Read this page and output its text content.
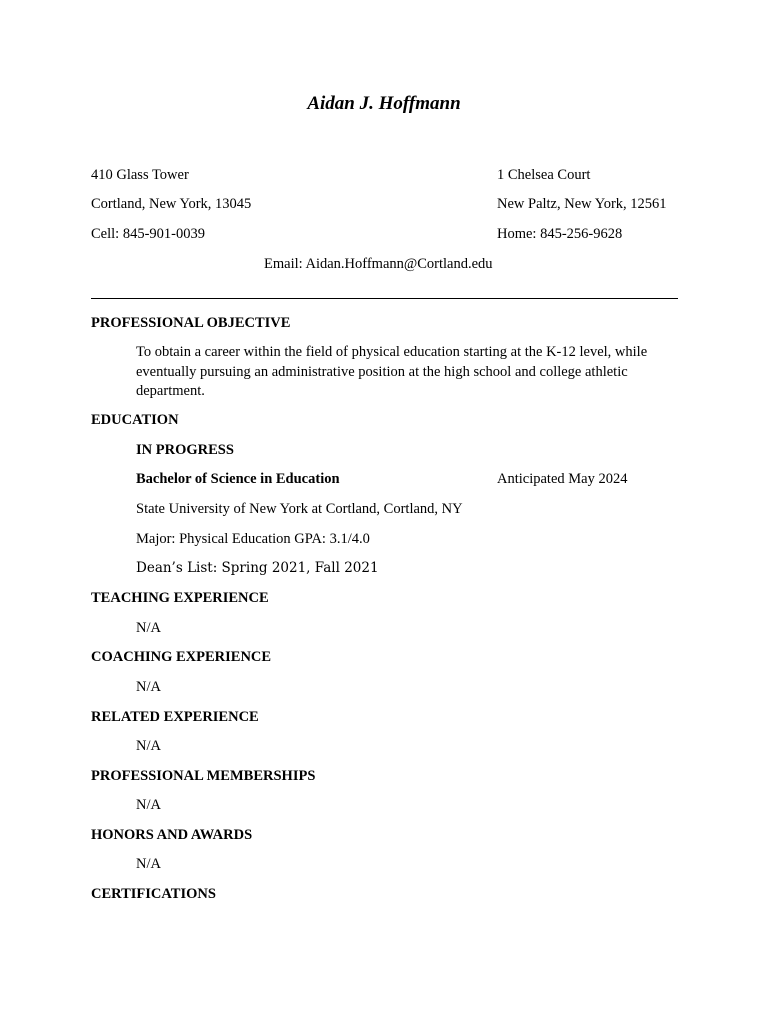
Aidan J. Hoffmann
410 Glass Tower
Cortland, New York, 13045
Cell: 845-901-0039
1 Chelsea Court
New Paltz, New York, 12561
Home: 845-256-9628
Email: Aidan.Hoffmann@Cortland.edu
PROFESSIONAL OBJECTIVE
To obtain a career within the field of physical education starting at the K-12 level, while eventually pursuing an administrative position at the high school and college athletic department.
EDUCATION
IN PROGRESS
Bachelor of Science in Education	Anticipated May 2024
State University of New York at Cortland, Cortland, NY
Major: Physical Education GPA: 3.1/4.0
Dean’s List: Spring 2021, Fall 2021
TEACHING EXPERIENCE
N/A
COACHING EXPERIENCE
N/A
RELATED EXPERIENCE
N/A
PROFESSIONAL MEMBERSHIPS
N/A
HONORS AND AWARDS
N/A
CERTIFICATIONS
